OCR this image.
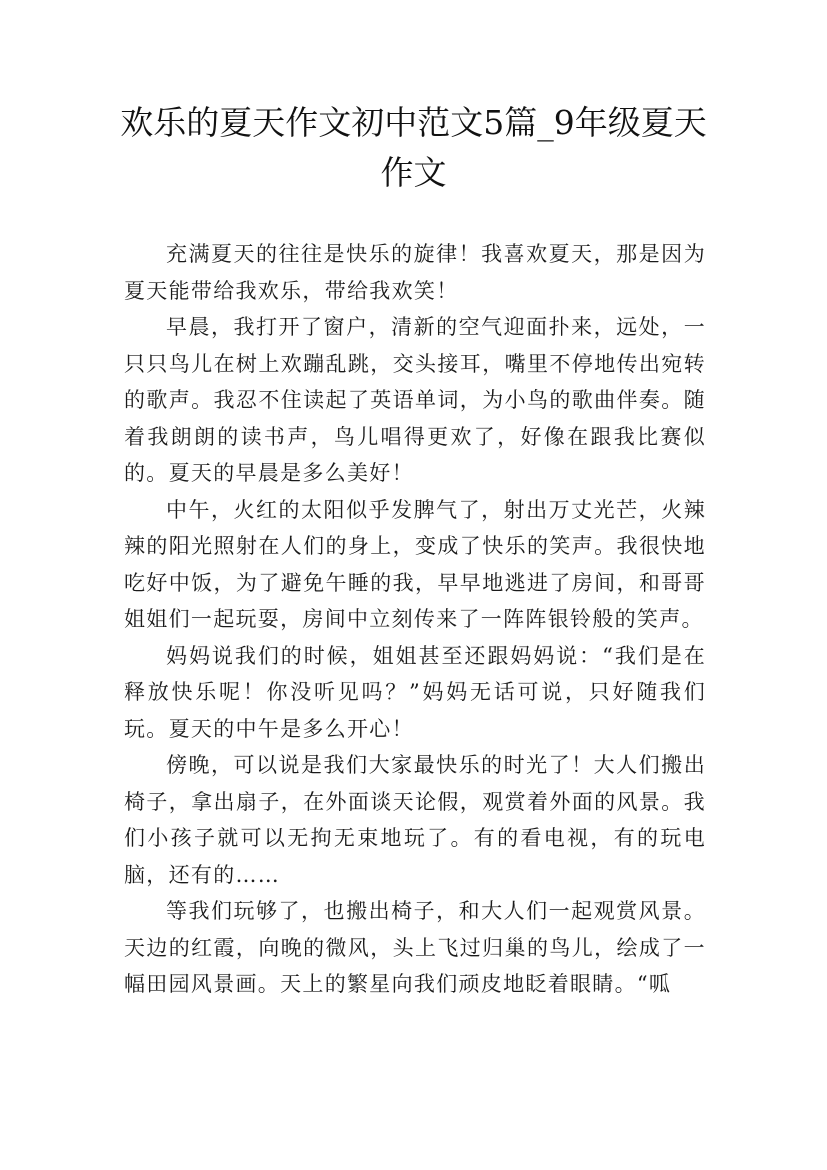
欢乐的夏天作文初中范文5篇_9年级夏天作文

充满夏天的往往是快乐的旋律！我喜欢夏天，那是因为夏天能带给我欢乐，带给我欢笑！

早晨，我打开了窗户，清新的空气迎面扑来，远处，一只只鸟儿在树上欢蹦乱跳，交头接耳，嘴里不停地传出宛转的歌声。我忍不住读起了英语单词，为小鸟的歌曲伴奏。随着我朗朗的读书声，鸟儿唱得更欢了，好像在跟我比赛似的。夏天的早晨是多么美好！

中午，火红的太阳似乎发脾气了，射出万丈光芒，火辣辣的阳光照射在人们的身上，变成了快乐的笑声。我很快地吃好中饭，为了避免午睡的我，早早地逃进了房间，和哥哥姐姐们一起玩耍，房间中立刻传来了一阵阵银铃般的笑声。

妈妈说我们的时候，姐姐甚至还跟妈妈说：“我们是在释放快乐呢！你没听见吗？”妈妈无话可说，只好随我们玩。夏天的中午是多么开心！

傍晚，可以说是我们大家最快乐的时光了！大人们搬出椅子，拿出扇子，在外面谈天论假，观赏着外面的风景。我们小孩子就可以无拘无束地玩了。有的看电视，有的玩电脑，还有的……

等我们玩够了，也搬出椅子，和大人们一起观赏风景。天边的红霞，向晚的微风，头上飞过归巢的鸟儿，绘成了一幅田园风景画。天上的繁星向我们顽皮地眨着眼睛。“呱
